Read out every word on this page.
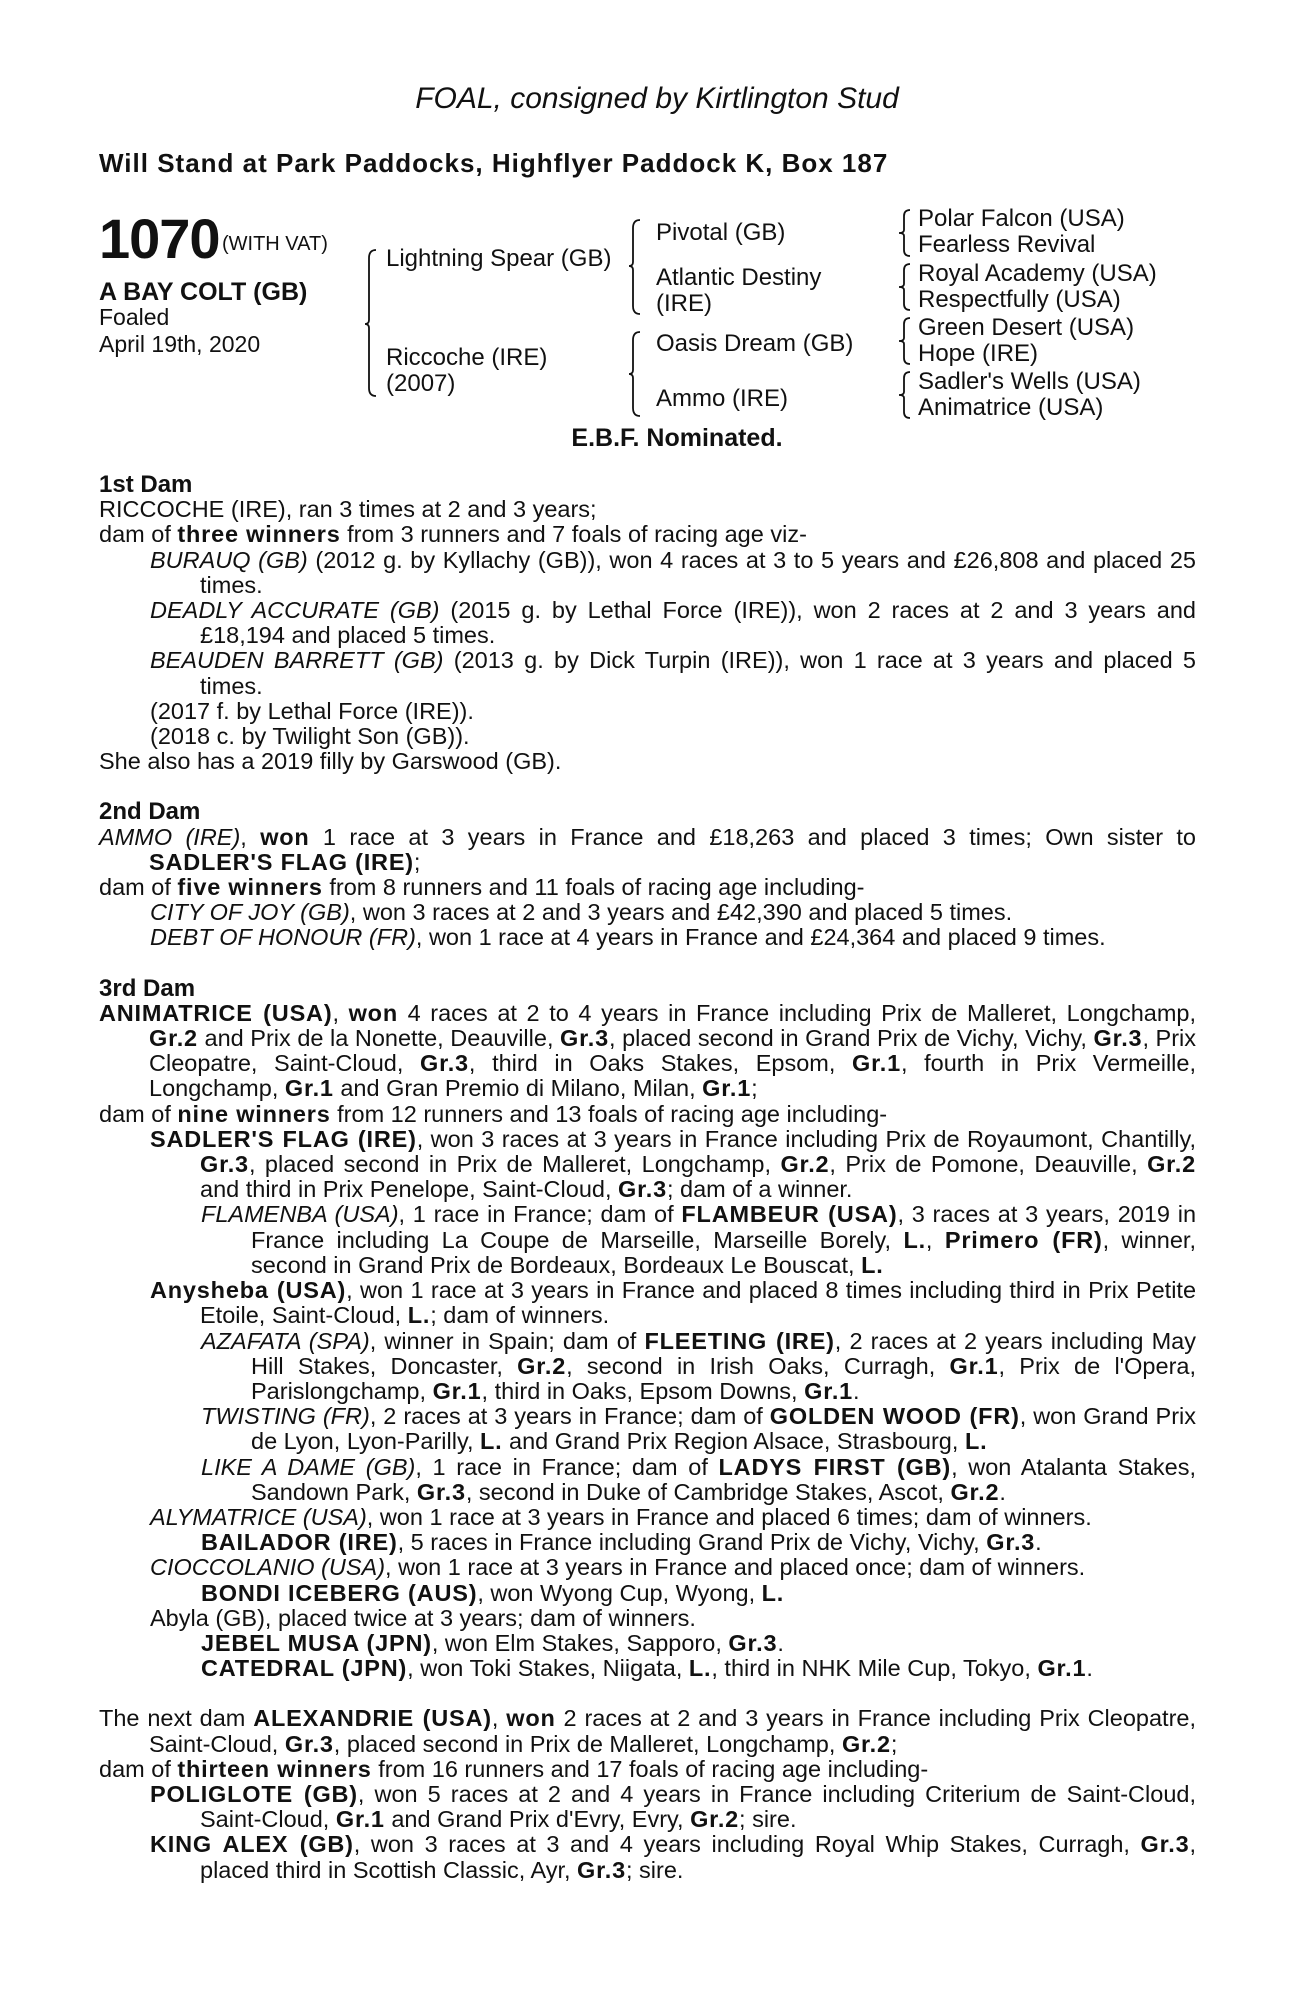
FOAL, consigned by Kirtlington Stud
Will Stand at Park Paddocks, Highflyer Paddock K, Box 187
1070 (WITH VAT)
A BAY COLT (GB)
Foaled
April 19th, 2020
Lightning Spear (GB)
Riccoche (IRE)
(2007)
Pivotal (GB)
Atlantic Destiny
(IRE)
Oasis Dream (GB)
Ammo (IRE)
Polar Falcon (USA)
Fearless Revival
Royal Academy (USA)
Respectfully (USA)
Green Desert (USA)
Hope (IRE)
Sadler's Wells (USA)
Animatrice (USA)
E.B.F. Nominated.
1st Dam
RICCOCHE (IRE), ran 3 times at 2 and 3 years;
dam of three winners from 3 runners and 7 foals of racing age viz-
BURAUQ (GB) (2012 g. by Kyllachy (GB)), won 4 races at 3 to 5 years and £26,808 and placed 25 times.
DEADLY ACCURATE (GB) (2015 g. by Lethal Force (IRE)), won 2 races at 2 and 3 years and £18,194 and placed 5 times.
BEAUDEN BARRETT (GB) (2013 g. by Dick Turpin (IRE)), won 1 race at 3 years and placed 5 times.
(2017 f. by Lethal Force (IRE)).
(2018 c. by Twilight Son (GB)).
She also has a 2019 filly by Garswood (GB).
2nd Dam
AMMO (IRE), won 1 race at 3 years in France and £18,263 and placed 3 times; Own sister to SADLER'S FLAG (IRE);
dam of five winners from 8 runners and 11 foals of racing age including-
CITY OF JOY (GB), won 3 races at 2 and 3 years and £42,390 and placed 5 times.
DEBT OF HONOUR (FR), won 1 race at 4 years in France and £24,364 and placed 9 times.
3rd Dam
ANIMATRICE (USA), won 4 races at 2 to 4 years in France including Prix de Malleret, Longchamp, Gr.2 and Prix de la Nonette, Deauville, Gr.3, placed second in Grand Prix de Vichy, Vichy, Gr.3, Prix Cleopatre, Saint-Cloud, Gr.3, third in Oaks Stakes, Epsom, Gr.1, fourth in Prix Vermeille, Longchamp, Gr.1 and Gran Premio di Milano, Milan, Gr.1;
dam of nine winners from 12 runners and 13 foals of racing age including-
SADLER'S FLAG (IRE), won 3 races at 3 years in France including Prix de Royaumont, Chantilly, Gr.3, placed second in Prix de Malleret, Longchamp, Gr.2, Prix de Pomone, Deauville, Gr.2 and third in Prix Penelope, Saint-Cloud, Gr.3; dam of a winner.
FLAMENBA (USA), 1 race in France; dam of FLAMBEUR (USA), 3 races at 3 years, 2019 in France including La Coupe de Marseille, Marseille Borely, L., Primero (FR), winner, second in Grand Prix de Bordeaux, Bordeaux Le Bouscat, L.
Anysheba (USA), won 1 race at 3 years in France and placed 8 times including third in Prix Petite Etoile, Saint-Cloud, L.; dam of winners.
AZAFATA (SPA), winner in Spain; dam of FLEETING (IRE), 2 races at 2 years including May Hill Stakes, Doncaster, Gr.2, second in Irish Oaks, Curragh, Gr.1, Prix de l'Opera, Parislongchamp, Gr.1, third in Oaks, Epsom Downs, Gr.1.
TWISTING (FR), 2 races at 3 years in France; dam of GOLDEN WOOD (FR), won Grand Prix de Lyon, Lyon-Parilly, L. and Grand Prix Region Alsace, Strasbourg, L.
LIKE A DAME (GB), 1 race in France; dam of LADYS FIRST (GB), won Atalanta Stakes, Sandown Park, Gr.3, second in Duke of Cambridge Stakes, Ascot, Gr.2.
ALYMATRICE (USA), won 1 race at 3 years in France and placed 6 times; dam of winners.
BAILADOR (IRE), 5 races in France including Grand Prix de Vichy, Vichy, Gr.3.
CIOCCOLANIO (USA), won 1 race at 3 years in France and placed once; dam of winners.
BONDI ICEBERG (AUS), won Wyong Cup, Wyong, L.
Abyla (GB), placed twice at 3 years; dam of winners.
JEBEL MUSA (JPN), won Elm Stakes, Sapporo, Gr.3.
CATEDRAL (JPN), won Toki Stakes, Niigata, L., third in NHK Mile Cup, Tokyo, Gr.1.
The next dam ALEXANDRIE (USA), won 2 races at 2 and 3 years in France including Prix Cleopatre, Saint-Cloud, Gr.3, placed second in Prix de Malleret, Longchamp, Gr.2;
dam of thirteen winners from 16 runners and 17 foals of racing age including-
POLIGLOTE (GB), won 5 races at 2 and 4 years in France including Criterium de Saint-Cloud, Saint-Cloud, Gr.1 and Grand Prix d'Evry, Evry, Gr.2; sire.
KING ALEX (GB), won 3 races at 3 and 4 years including Royal Whip Stakes, Curragh, Gr.3, placed third in Scottish Classic, Ayr, Gr.3; sire.
